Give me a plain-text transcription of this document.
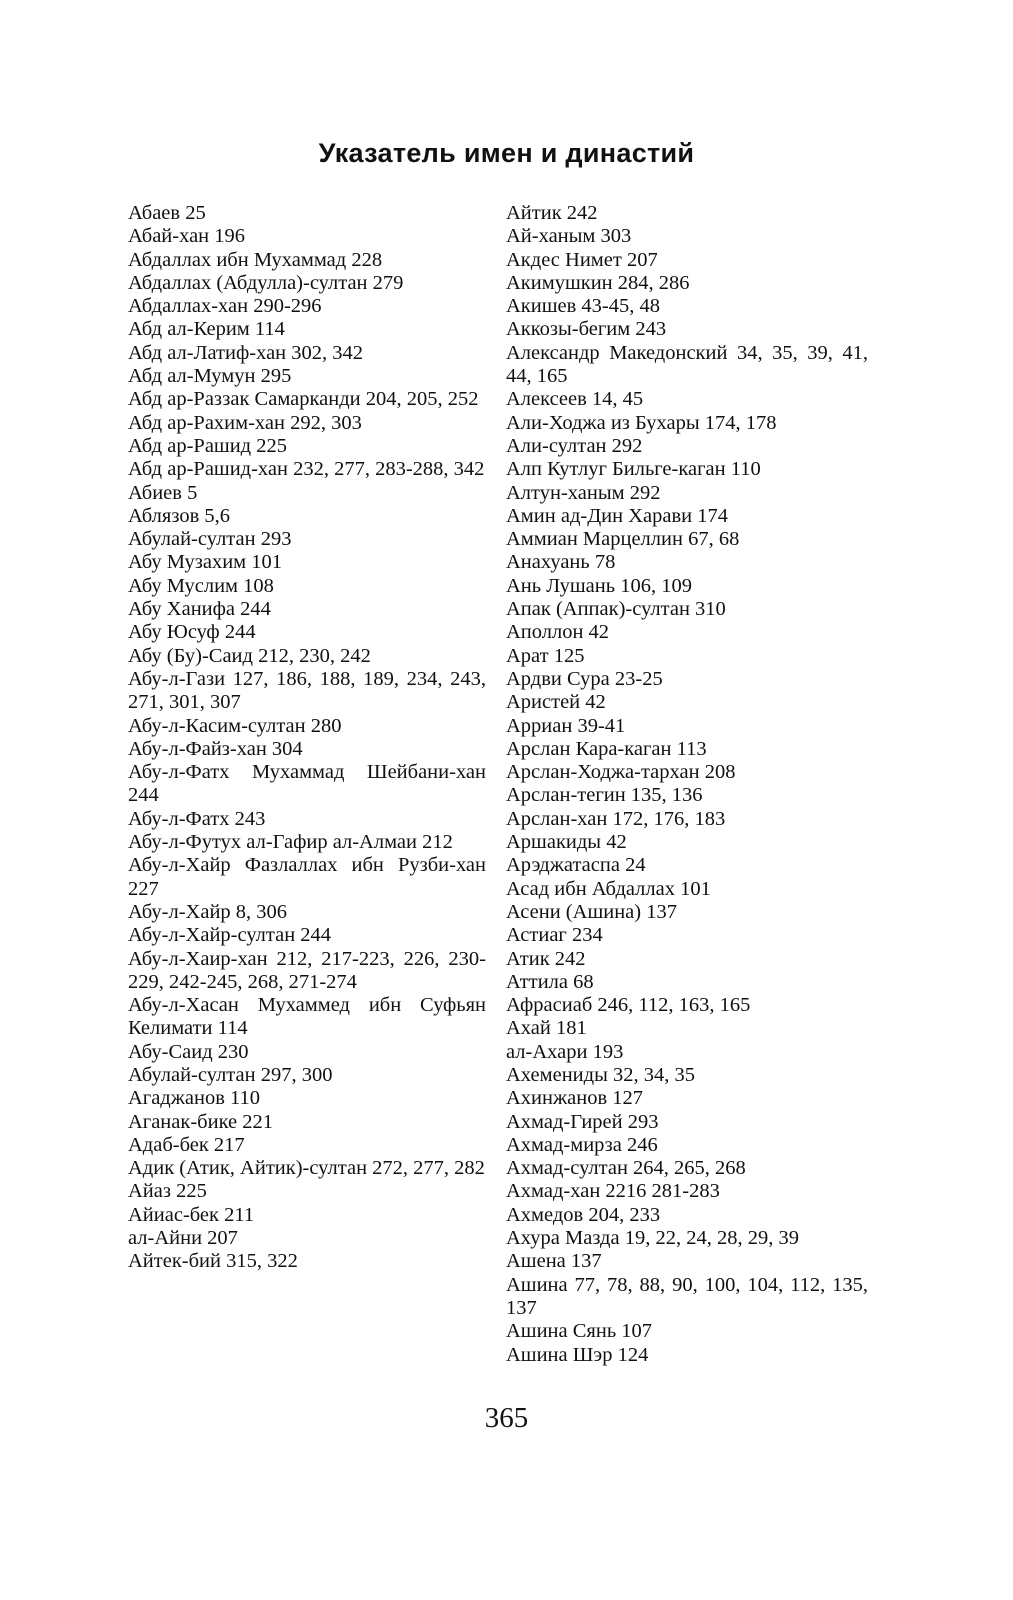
Указатель имен и династий
Абаев 25
Абай-хан 196
Абдаллах ибн Мухаммад 228
Абдаллах (Абдулла)-султан 279
Абдаллах-хан 290-296
Абд ал-Керим 114
Абд ал-Латиф-хан 302, 342
Абд ал-Мумун 295
Абд ар-Раззак Самарканди 204, 205, 252
Абд ар-Рахим-хан 292, 303
Абд ар-Рашид 225
Абд ар-Рашид-хан 232, 277, 283-288, 342
Абиев 5
Аблязов 5,6
Абулай-султан 293
Абу Музахим 101
Абу Муслим 108
Абу Ханифа 244
Абу Юсуф 244
Абу (Бу)-Саид 212, 230, 242
Абу-л-Гази 127, 186, 188, 189, 234, 243, 271, 301, 307
Абу-л-Касим-султан 280
Абу-л-Файз-хан 304
Абу-л-Фатх Мухаммад Шейбани-хан 244
Абу-л-Фатх 243
Абу-л-Футух ал-Гафир ал-Алмаи 212
Абу-л-Хайр Фазлаллах ибн Рузби-хан 227
Абу-л-Хайр 8, 306
Абу-л-Хайр-султан 244
Абу-л-Хаир-хан 212, 217-223, 226, 230-229, 242-245, 268, 271-274
Абу-л-Хасан Мухаммед ибн Суфьян Келимати 114
Абу-Саид 230
Абулай-султан 297, 300
Агаджанов 110
Аганак-бике 221
Адаб-бек 217
Адик (Атик, Айтик)-султан 272, 277, 282
Айаз 225
Айиас-бек 211
ал-Айни 207
Айтек-бий 315, 322
Айтик 242
Ай-ханым 303
Акдес Нимет 207
Акимушкин 284, 286
Акишев 43-45, 48
Аккозы-бегим 243
Александр Македонский 34, 35, 39, 41, 44, 165
Алексеев 14, 45
Али-Ходжа из Бухары 174, 178
Али-султан 292
Алп Кутлуг Бильге-каган 110
Алтун-ханым 292
Амин ад-Дин Харави 174
Аммиан Марцеллин 67, 68
Анахуань 78
Ань Лушань 106, 109
Апак (Аппак)-султан 310
Аполлон 42
Арат 125
Ардви Сура 23-25
Аристей 42
Арриан 39-41
Арслан Кара-каган 113
Арслан-Ходжа-тархан 208
Арслан-тегин 135, 136
Арслан-хан 172, 176, 183
Аршакиды 42
Арэджатаспа 24
Асад ибн Абдаллах 101
Асени (Ашина) 137
Астиаг 234
Атик 242
Аттила 68
Афрасиаб 246, 112, 163, 165
Ахай 181
ал-Ахари 193
Ахемениды 32, 34, 35
Ахинжанов 127
Ахмад-Гирей 293
Ахмад-мирза 246
Ахмад-султан 264, 265, 268
Ахмад-хан 2216 281-283
Ахмедов 204, 233
Ахура Мазда 19, 22, 24, 28, 29, 39
Ашена 137
Ашина 77, 78, 88, 90, 100, 104, 112, 135, 137
Ашина Сянь 107
Ашина Шэр 124
365
